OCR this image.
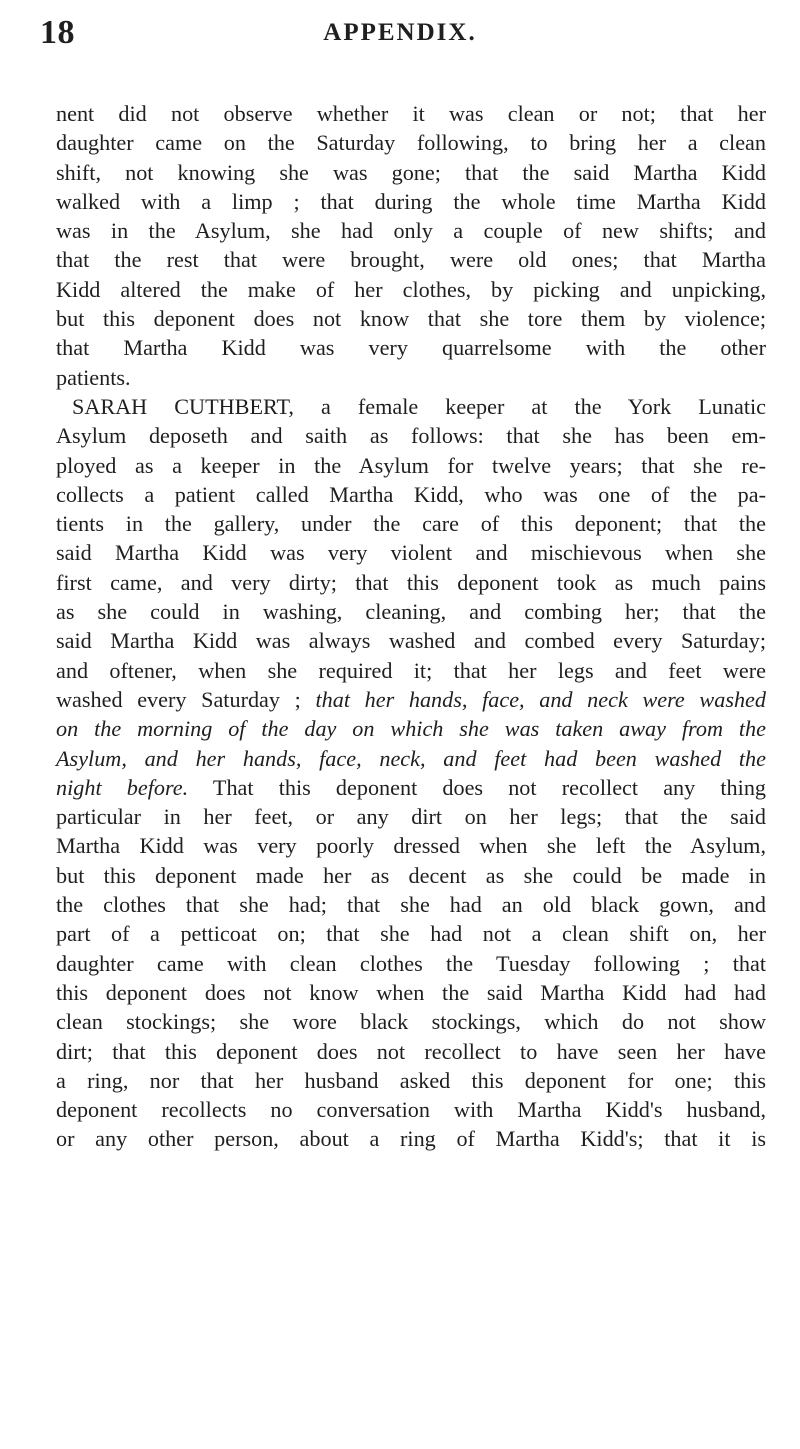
18	APPENDIX.
nent did not observe whether it was clean or not; that her
daughter came on the Saturday following, to bring her a clean
shift, not knowing she was gone; that the said Martha Kidd
walked with a limp ; that during the whole time Martha Kidd
was in the Asylum, she had only a couple of new shifts; and
that the rest that were brought, were old ones; that Martha
Kidd altered the make of her clothes, by picking and unpicking,
but this deponent does not know that she tore them by violence;
that Martha Kidd was very quarrelsome with the other
patients.
SARAH CUTHBERT, a female keeper at the York Lunatic
Asylum deposeth and saith as follows: that she has been em-
ployed as a keeper in the Asylum for twelve years; that she re-
collects a patient called Martha Kidd, who was one of the pa-
tients in the gallery, under the care of this deponent; that the
said Martha Kidd was very violent and mischievous when she
first came, and very dirty; that this deponent took as much pains
as she could in washing, cleaning, and combing her; that the
said Martha Kidd was always washed and combed every Saturday;
and oftener, when she required it; that her legs and feet were
washed every Saturday ; that her hands, face, and neck were washed
on the morning of the day on which she was taken away from the
Asylum, and her hands, face, neck, and feet had been washed the
night before. That this deponent does not recollect any thing
particular in her feet, or any dirt on her legs; that the said
Martha Kidd was very poorly dressed when she left the Asylum,
but this deponent made her as decent as she could be made in
the clothes that she had; that she had an old black gown, and
part of a petticoat on; that she had not a clean shift on, her
daughter came with clean clothes the Tuesday following ; that
this deponent does not know when the said Martha Kidd had had
clean stockings; she wore black stockings, which do not show
dirt; that this deponent does not recollect to have seen her have
a ring, nor that her husband asked this deponent for one; this
deponent recollects no conversation with Martha Kidd's husband,
or any other person, about a ring of Martha Kidd's; that it is
